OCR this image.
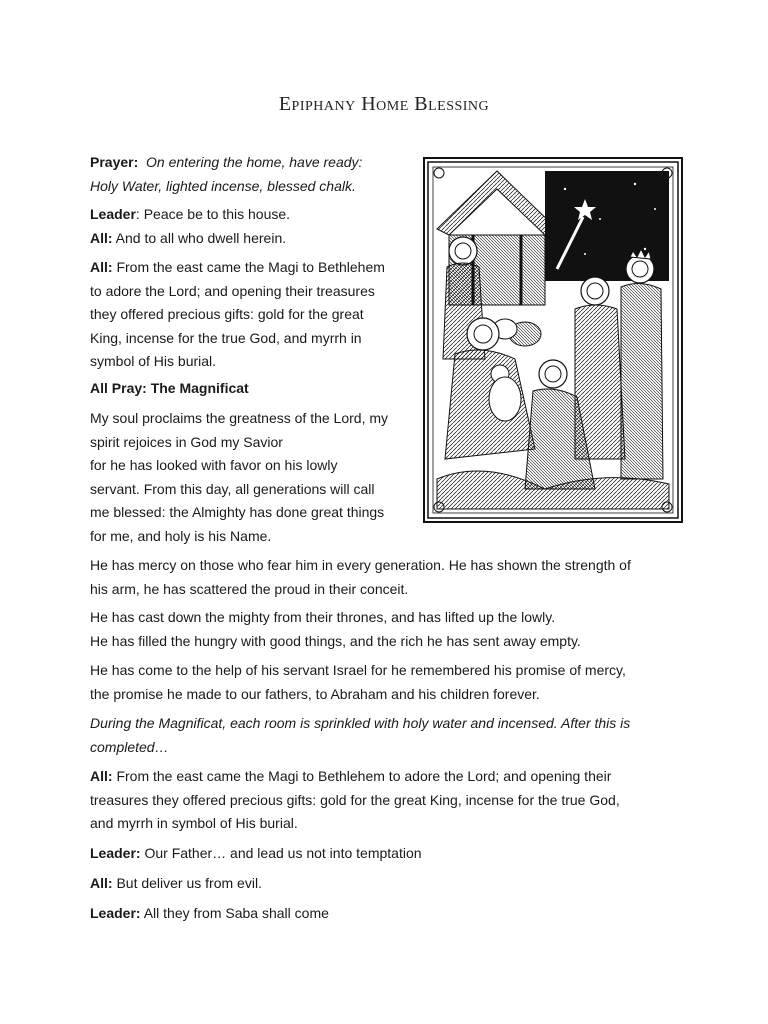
Epiphany Home Blessing
Prayer: On entering the home, have ready:
Holy Water, lighted incense, blessed chalk.
Leader: Peace be to this house.
All: And to all who dwell herein.
All: From the east came the Magi to Bethlehem
to adore the Lord; and opening their treasures
they offered precious gifts: gold for the great
King, incense for the true God, and myrrh in
symbol of His burial.
All Pray: The Magnificat
My soul proclaims the greatness of the Lord, my
spirit rejoices in God my Savior
for he has looked with favor on his lowly
servant. From this day, all generations will call
me blessed: the Almighty has done great things
for me, and holy is his Name.
He has mercy on those who fear him in every generation. He has shown the strength of
his arm, he has scattered the proud in their conceit.
He has cast down the mighty from their thrones, and has lifted up the lowly.
He has filled the hungry with good things, and the rich he has sent away empty.
He has come to the help of his servant Israel for he remembered his promise of mercy,
the promise he made to our fathers, to Abraham and his children forever.
During the Magnificat, each room is sprinkled with holy water and incensed. After this is
completed…
All: From the east came the Magi to Bethlehem to adore the Lord; and opening their
treasures they offered precious gifts: gold for the great King, incense for the true God,
and myrrh in symbol of His burial.
Leader: Our Father… and lead us not into temptation
All: But deliver us from evil.
Leader: All they from Saba shall come
